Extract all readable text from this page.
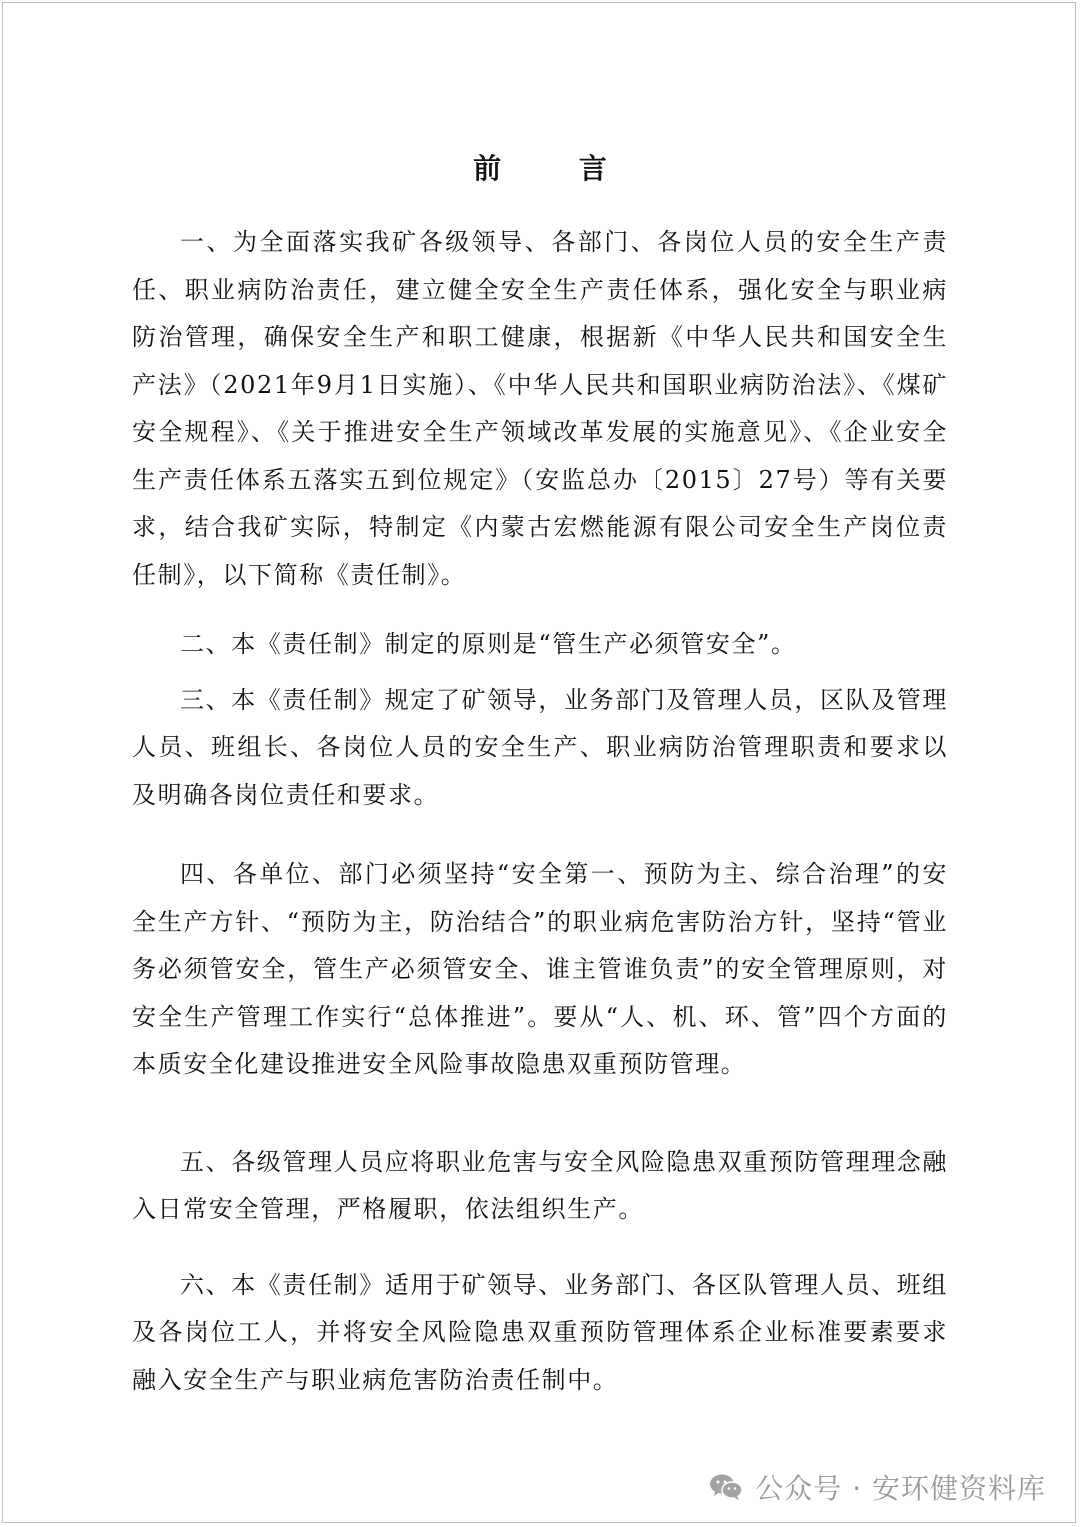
前 言

一、为全面落实我矿各级领导、各部门、各岗位人员的安全生产责任、职业病防治责任，建立健全安全生产责任体系，强化安全与职业病防治管理，确保安全生产和职工健康，根据新《中华人民共和国安全生产法》（2021年9月1日实施）、《中华人民共和国职业病防治法》、《煤矿安全规程》、《关于推进安全生产领域改革发展的实施意见》、《企业安全生产责任体系五落实五到位规定》（安监总办〔2015〕27号）等有关要求，结合我矿实际，特制定《内蒙古宏燃能源有限公司安全生产岗位责任制》，以下简称《责任制》。

二、本《责任制》制定的原则是“管生产必须管安全”。

三、本《责任制》规定了矿领导，业务部门及管理人员，区队及管理人员、班组长、各岗位人员的安全生产、职业病防治管理职责和要求以及明确各岗位责任和要求。

四、各单位、部门必须坚持“安全第一、预防为主、综合治理”的安全生产方针、“预防为主，防治结合”的职业病危害防治方针，坚持“管业务必须管安全，管生产必须管安全、谁主管谁负责”的安全管理原则，对安全生产管理工作实行“总体推进”。要从“人、机、环、管”四个方面的本质安全化建设推进安全风险事故隐患双重预防管理。

五、各级管理人员应将职业危害与安全风险隐患双重预防管理理念融入日常安全管理，严格履职，依法组织生产。

六、本《责任制》适用于矿领导、业务部门、各区队管理人员、班组及各岗位工人，并将安全风险隐患双重预防管理体系企业标准要素要求融入安全生产与职业病危害防治责任制中。

公众号 · 安环健资料库
